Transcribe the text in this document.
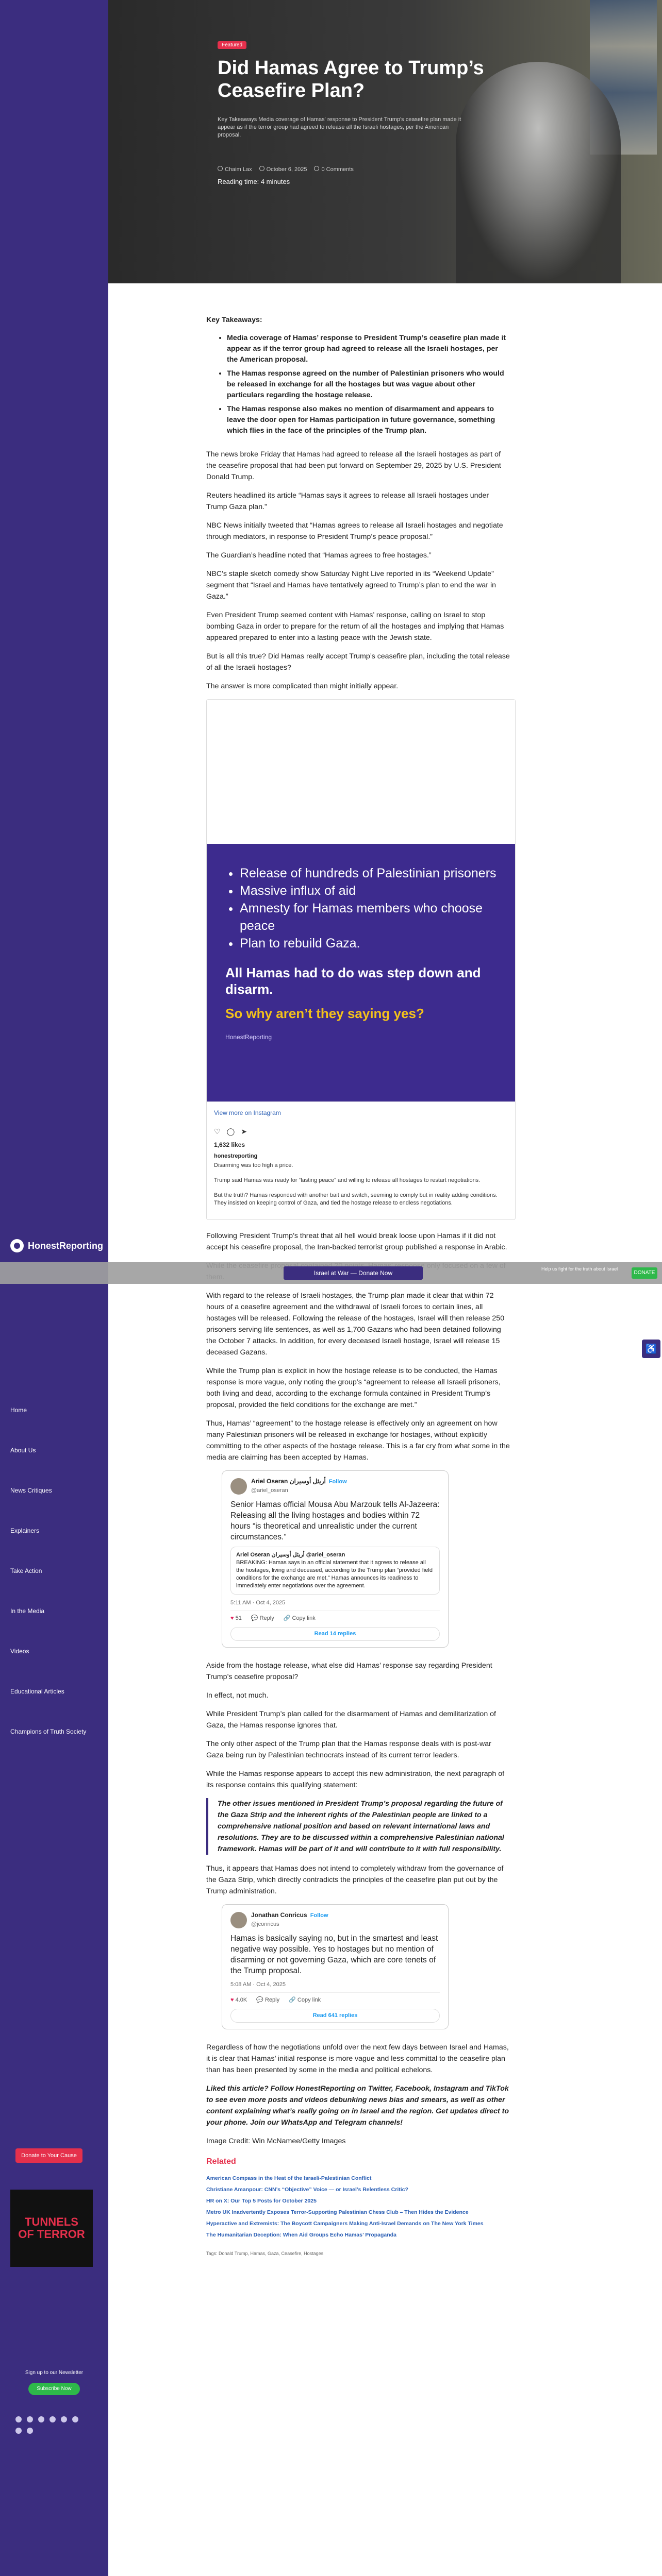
HonestReporting
Home
About Us
News Critiques
Explainers
Take Action
In the Media
Videos
Educational Articles
Champions of Truth Society
Donate to Your Cause
TUNNELS
OF TERROR
Sign up to our Newsletter
Subscribe Now
Featured
Did Hamas Agree to Trump’s Ceasefire Plan?

Key Takeaways Media coverage of Hamas' response to President Trump's ceasefire plan made it appear as if the terror group had agreed to release all the Israeli hostages, per the American proposal.

Chaim Lax	October 6, 2025	0 Comments
Reading time: 4 minutes

Key Takeaways:

• Media coverage of Hamas’ response to President Trump’s ceasefire plan made it appear as if the terror group had agreed to release all the Israeli hostages, per the American proposal.
• The Hamas response agreed on the number of Palestinian prisoners who would be released in exchange for all the hostages but was vague about other particulars regarding the hostage release.
• The Hamas response also makes no mention of disarmament and appears to leave the door open for Hamas participation in future governance, something which flies in the face of the principles of the Trump plan.

The news broke Friday that Hamas had agreed to release all the Israeli hostages as part of the ceasefire proposal that had been put forward on September 29, 2025 by U.S. President Donald Trump.

Reuters headlined its article “Hamas says it agrees to release all Israeli hostages under Trump Gaza plan.”

NBC News initially tweeted that “Hamas agrees to release all Israeli hostages and negotiate through mediators, in response to President Trump’s peace proposal.”

The Guardian’s headline noted that “Hamas agrees to free hostages.”

NBC’s staple sketch comedy show Saturday Night Live reported in its “Weekend Update” segment that “Israel and Hamas have tentatively agreed to Trump’s plan to end the war in Gaza.”

Even President Trump seemed content with Hamas’ response, calling on Israel to stop bombing Gaza in order to prepare for the return of all the hostages and implying that Hamas appeared prepared to enter into a lasting peace with the Jewish state.

But is all this true? Did Hamas really accept Trump’s ceasefire plan, including the total release of all the Israeli hostages?

The answer is more complicated than might initially appear.

• Release of hundreds of Palestinian prisoners
• Massive influx of aid
• Amnesty for Hamas members who choose peace
• Plan to rebuild Gaza.
All Hamas had to do was step down and disarm.
So why aren’t they saying yes?
HonestReporting
View more on Instagram
♡ ◯ ➤
1,632 likes
honestreporting

Disarming was too high a price.

Trump said Hamas was ready for “lasting peace” and willing to release all hostages to restart negotiations.

But the truth? Hamas responded with another bait and switch, seeming to comply but in reality adding conditions. They insisted on keeping control of Gaza, and tied the hostage release to endless negotiations.

Following President Trump’s threat that all hell would break loose upon Hamas if it did not accept his ceasefire proposal, the Iran-backed terrorist group published a response in Arabic.

With regard to the release of Israeli hostages, the Trump plan made it clear that within 72 hours of a ceasefire agreement and the withdrawal of Israeli forces to certain lines, all hostages will be released. Following the release of the hostages, Israel will then release 250 prisoners serving life sentences, as well as 1,700 Gazans who had been detained following the October 7 attacks. In addition, for every deceased Israeli hostage, Israel will release 15 deceased Gazans.

While the Trump plan is explicit in how the hostage release is to be conducted, the Hamas response is more vague, only noting the group’s “agreement to release all Israeli prisoners, both living and dead, according to the exchange formula contained in President Trump’s proposal, provided the field conditions for the exchange are met.”

Thus, Hamas’ “agreement” to the hostage release is effectively only an agreement on how many Palestinian prisoners will be released in exchange for hostages, without explicitly committing to the other aspects of the hostage release. This is a far cry from what some in the media are claiming has been accepted by Hamas.

Ariel Oseran أريئل أوسيران Follow
@ariel_oseran
Senior Hamas official Mousa Abu Marzouk tells Al-Jazeera: Releasing all the living hostages and bodies within 72 hours “is theoretical and unrealistic under the current circumstances.”
Ariel Oseran أريئل أوسيران @ariel_oseran
BREAKING: Hamas says in an official statement that it agrees to release all the hostages, living and deceased, according to the Trump plan “provided field conditions for the exchange are met.” Hamas announces its readiness to immediately enter negotiations over the agreement.
5:11 AM · Oct 4, 2025
♥ 51 💬 Reply 🔗 Copy link
Read 14 replies

Aside from the hostage release, what else did Hamas’ response say regarding President Trump’s ceasefire proposal?

In effect, not much.

While President Trump’s plan called for the disarmament of Hamas and demilitarization of Gaza, the Hamas response ignores that.

The only other aspect of the Trump plan that the Hamas response deals with is post-war Gaza being run by Palestinian technocrats instead of its current terror leaders.

While the Hamas response appears to accept this new administration, the next paragraph of its response contains this qualifying statement:

The other issues mentioned in President Trump’s proposal regarding the future of the Gaza Strip and the inherent rights of the Palestinian people are linked to a comprehensive national position and based on relevant international laws and resolutions. They are to be discussed within a comprehensive Palestinian national framework. Hamas will be part of it and will contribute to it with full responsibility.

Thus, it appears that Hamas does not intend to completely withdraw from the governance of the Gaza Strip, which directly contradicts the principles of the ceasefire plan put out by the Trump administration.

Jonathan Conricus Follow
@jconricus
Hamas is basically saying no, but in the smartest and least negative way possible. Yes to hostages but no mention of disarming or not governing Gaza, which are core tenets of the Trump proposal.
5:08 AM · Oct 4, 2025
♥ 4.0K 💬 Reply 🔗 Copy link
Read 641 replies

Regardless of how the negotiations unfold over the next few days between Israel and Hamas, it is clear that Hamas’ initial response is more vague and less committal to the ceasefire plan than has been presented by some in the media and political echelons.

Liked this article? Follow HonestReporting on Twitter, Facebook, Instagram and TikTok to see even more posts and videos debunking news bias and smears, as well as other content explaining what’s really going on in Israel and the region. Get updates direct to your phone. Join our WhatsApp and Telegram channels!

Image Credit: Win McNamee/Getty Images

Related
American Compass in the Heat of the Israeli-Palestinian Conflict
Christiane Amanpour: CNN’s “Objective” Voice — or Israel’s Relentless Critic?
HR on X: Our Top 5 Posts for October 2025
Metro UK Inadvertently Exposes Terror-Supporting Palestinian Chess Club – Then Hides the Evidence
Hyperactive and Extremists: The Boycott Campaigners Making Anti-Israel Demands on The New York Times
The Humanitarian Deception: When Aid Groups Echo Hamas’ Propaganda
Tags: Donald Trump, Hamas, Gaza, Ceasefire, Hostages
Israel at War — Donate Now
Help us fight for the truth about Israel
DONATE
♿
